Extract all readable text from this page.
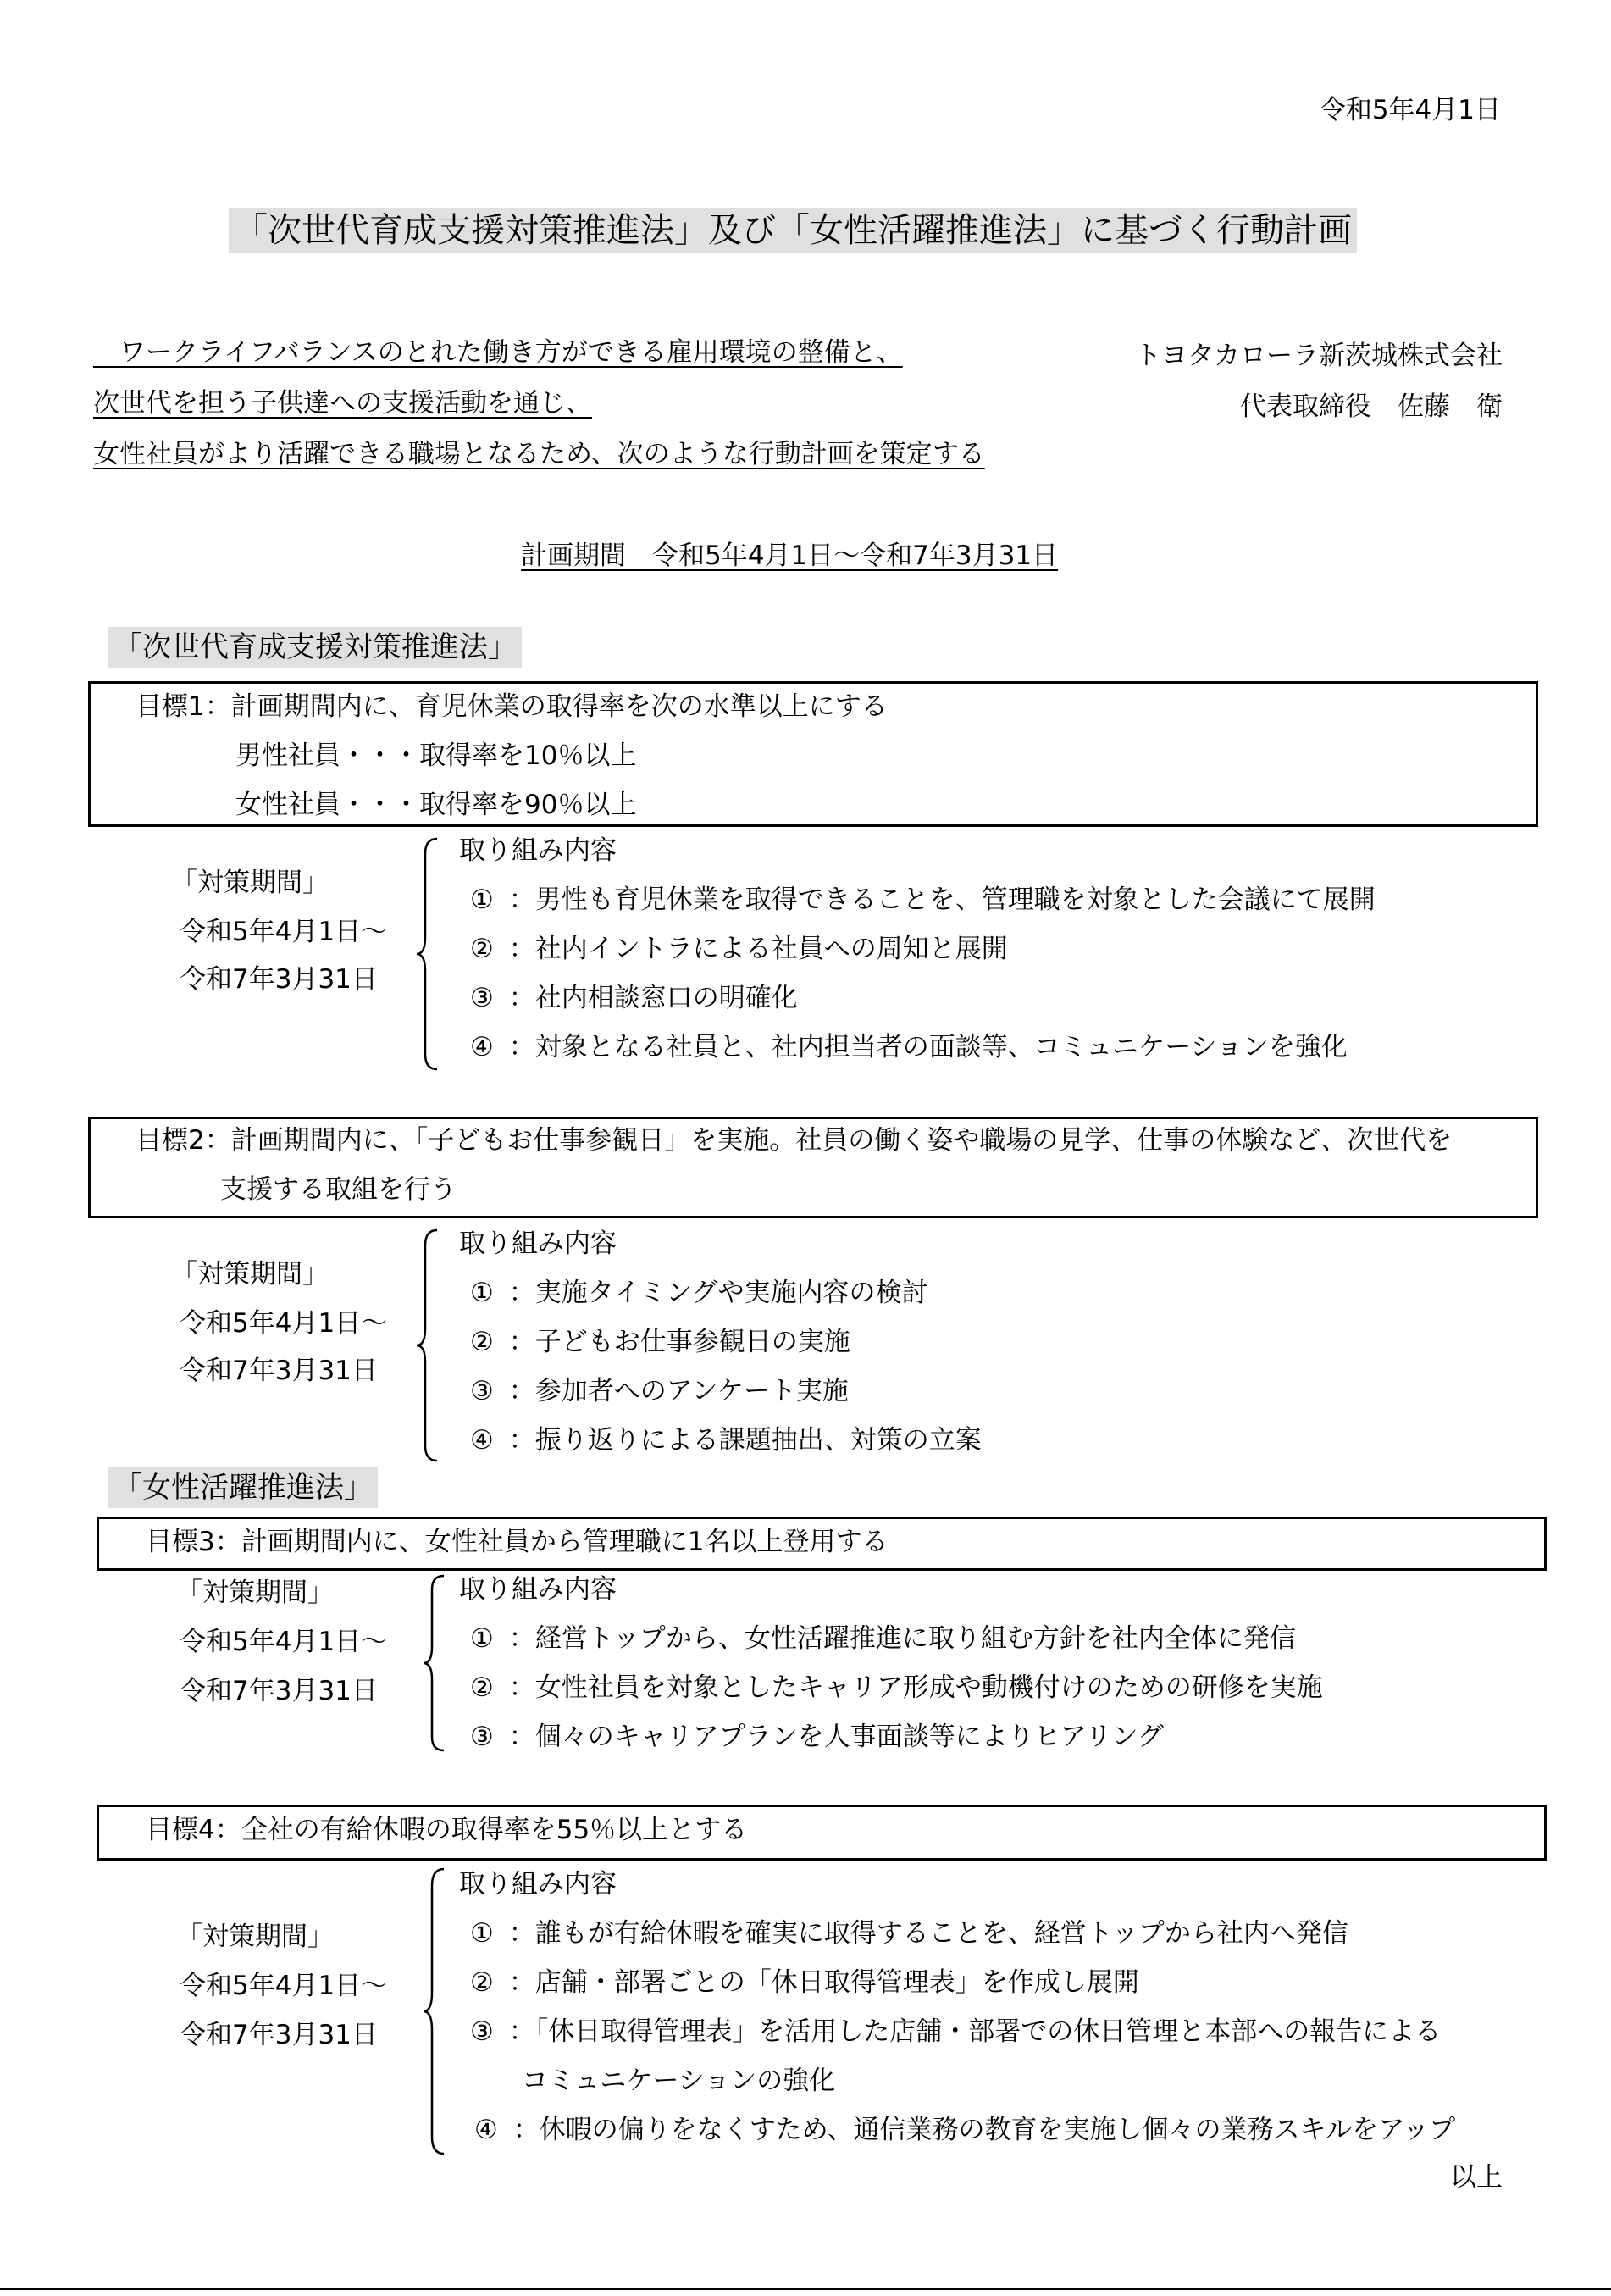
令和5年4月1日
「次世代育成支援対策推進法」及び「女性活躍推進法」に基づく行動計画
　ワークライフバランスのとれた働き方ができる雇用環境の整備と、
次世代を担う子供達への支援活動を通じ、
女性社員がより活躍できる職場となるため、次のような行動計画を策定する
トヨタカローラ新茨城株式会社
代表取締役　佐藤　衛
計画期間　令和5年4月1日～令和7年3月31日
「次世代育成支援対策推進法」
目標1：計画期間内に、育児休業の取得率を次の水準以上にする
男性社員・・・取得率を10％以上
女性社員・・・取得率を90％以上
「対策期間」
令和5年4月1日～
令和7年3月31日
取り組み内容
① ：男性も育児休業を取得できることを、管理職を対象とした会議にて展開
② ：社内イントラによる社員への周知と展開
③ ：社内相談窓口の明確化
④ ：対象となる社員と、社内担当者の面談等、コミュニケーションを強化
目標2：計画期間内に、「子どもお仕事参観日」を実施。社員の働く姿や職場の見学、仕事の体験など、次世代を
支援する取組を行う
「対策期間」
令和5年4月1日～
令和7年3月31日
取り組み内容
① ：実施タイミングや実施内容の検討
② ：子どもお仕事参観日の実施
③ ：参加者へのアンケート実施
④ ：振り返りによる課題抽出、対策の立案
「女性活躍推進法」
目標3：計画期間内に、女性社員から管理職に1名以上登用する
「対策期間」
令和5年4月1日～
令和7年3月31日
取り組み内容
① ：経営トップから、女性活躍推進に取り組む方針を社内全体に発信
② ：女性社員を対象としたキャリア形成や動機付けのための研修を実施
③ ：個々のキャリアプランを人事面談等によりヒアリング
目標4：全社の有給休暇の取得率を55％以上とする
「対策期間」
令和5年4月1日～
令和7年3月31日
取り組み内容
① ：誰もが有給休暇を確実に取得することを、経営トップから社内へ発信
② ：店舗・部署ごとの「休日取得管理表」を作成し展開
③ ：「休日取得管理表」を活用した店舗・部署での休日管理と本部への報告による
コミュニケーションの強化
④ ：休暇の偏りをなくすため、通信業務の教育を実施し個々の業務スキルをアップ
以上
